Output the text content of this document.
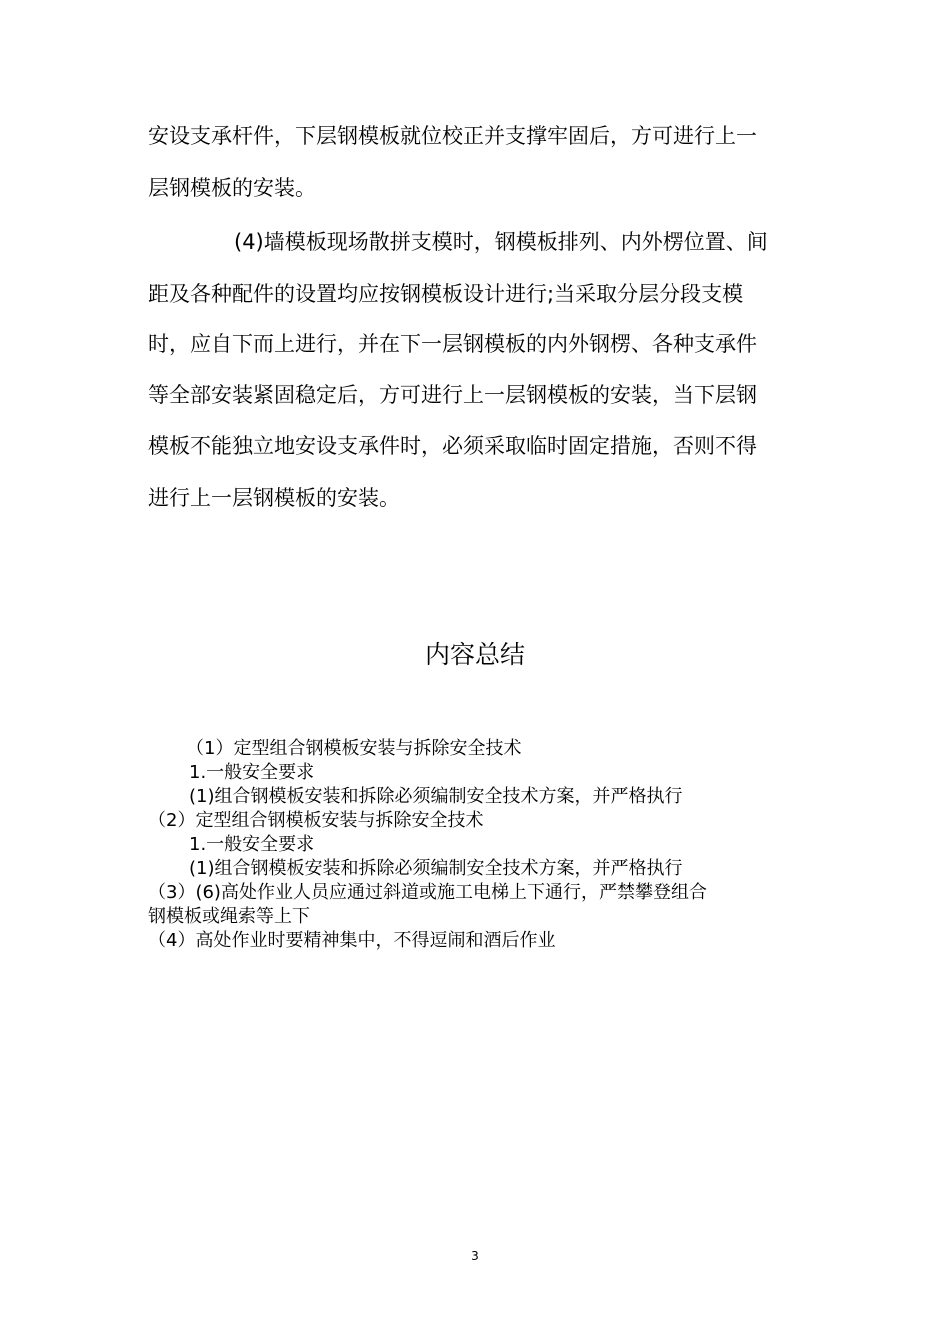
安设支承杆件，下层钢模板就位校正并支撑牢固后，方可进行上一
层钢模板的安装。
(4)墙模板现场散拼支模时，钢模板排列、内外楞位置、间
距及各种配件的设置均应按钢模板设计进行;当采取分层分段支模
时，应自下而上进行，并在下一层钢模板的内外钢楞、各种支承件
等全部安装紧固稳定后，方可进行上一层钢模板的安装，当下层钢
模板不能独立地安设支承件时，必须采取临时固定措施，否则不得
进行上一层钢模板的安装。
内容总结
（1）定型组合钢模板安装与拆除安全技术
1.一般安全要求
(1)组合钢模板安装和拆除必须编制安全技术方案，并严格执行
（2）定型组合钢模板安装与拆除安全技术
1.一般安全要求
(1)组合钢模板安装和拆除必须编制安全技术方案，并严格执行
（3）(6)高处作业人员应通过斜道或施工电梯上下通行，严禁攀登组合
钢模板或绳索等上下
（4）高处作业时要精神集中，不得逗闹和酒后作业
3
